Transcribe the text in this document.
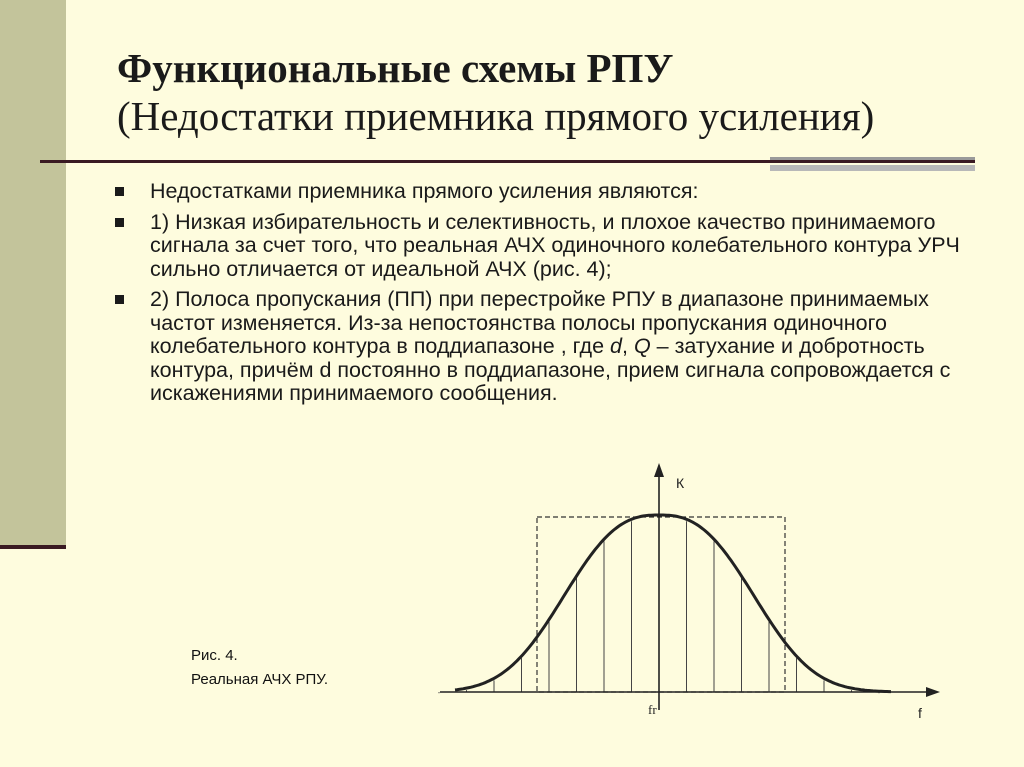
Функциональные схемы РПУ
(Недостатки приемника прямого усиления)
Недостатками приемника прямого усиления являются:
1) Низкая избирательность и селективность, и плохое качество принимаемого сигнала за счет того, что реальная АЧХ одиночного колебательного контура УРЧ сильно отличается от идеальной АЧХ (рис. 4);
2) Полоса пропускания (ПП) при перестройке РПУ в диапазоне принимаемых частот изменяется. Из-за непостоянства полосы пропускания одиночного колебательного контура в поддиапазоне , где d, Q – затухание и добротность контура, причём d постоянно в поддиапазоне, прием сигнала сопровождается с искажениями принимаемого сообщения.
Рис. 4.
Реальная АЧХ РПУ.
К
f
fr
